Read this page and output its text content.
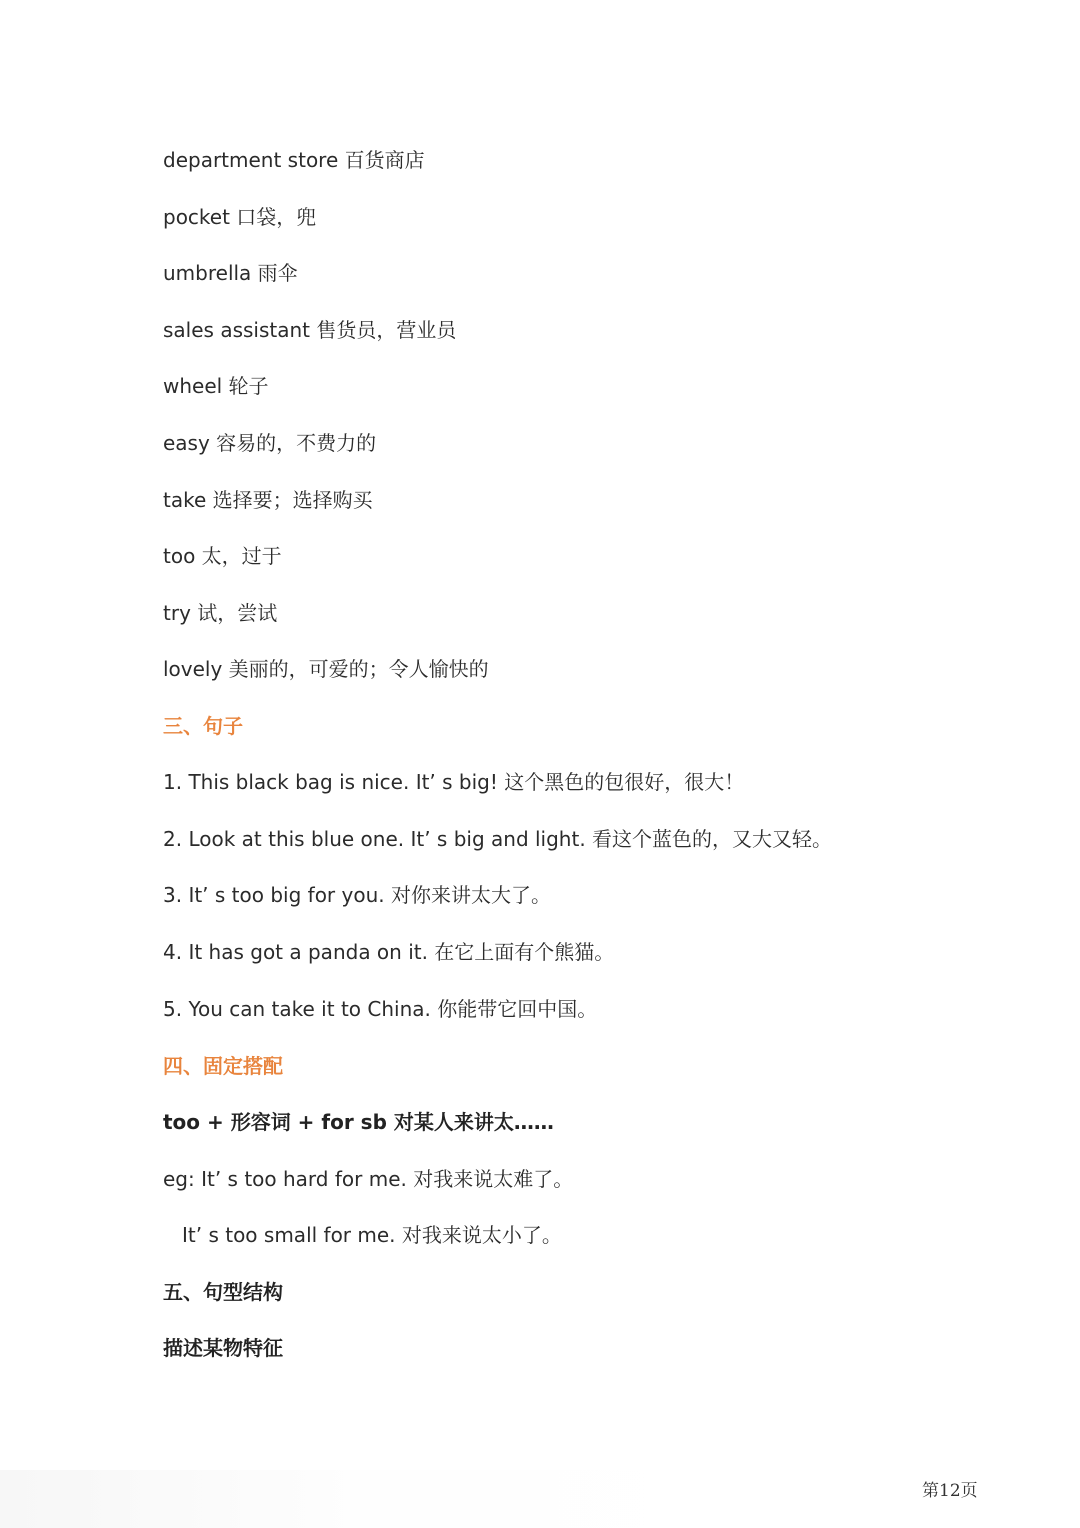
department store 百货商店
pocket 口袋，兜
umbrella 雨伞
sales assistant 售货员，营业员
wheel 轮子
easy 容易的，不费力的
take 选择要；选择购买
too 太，过于
try 试，尝试
lovely 美丽的，可爱的；令人愉快的
三、句子
1. This black bag is nice. It’ s big! 这个黑色的包很好，很大！
2. Look at this blue one. It’ s big and light. 看这个蓝色的，又大又轻。
3. It’ s too big for you. 对你来讲太大了。
4. It has got a panda on it. 在它上面有个熊猫。
5. You can take it to China. 你能带它回中国。
四、固定搭配
too + 形容词 + for sb 对某人来讲太……
eg: It’ s too hard for me. 对我来说太难了。
It’ s too small for me. 对我来说太小了。
五、句型结构
描述某物特征
第12页
